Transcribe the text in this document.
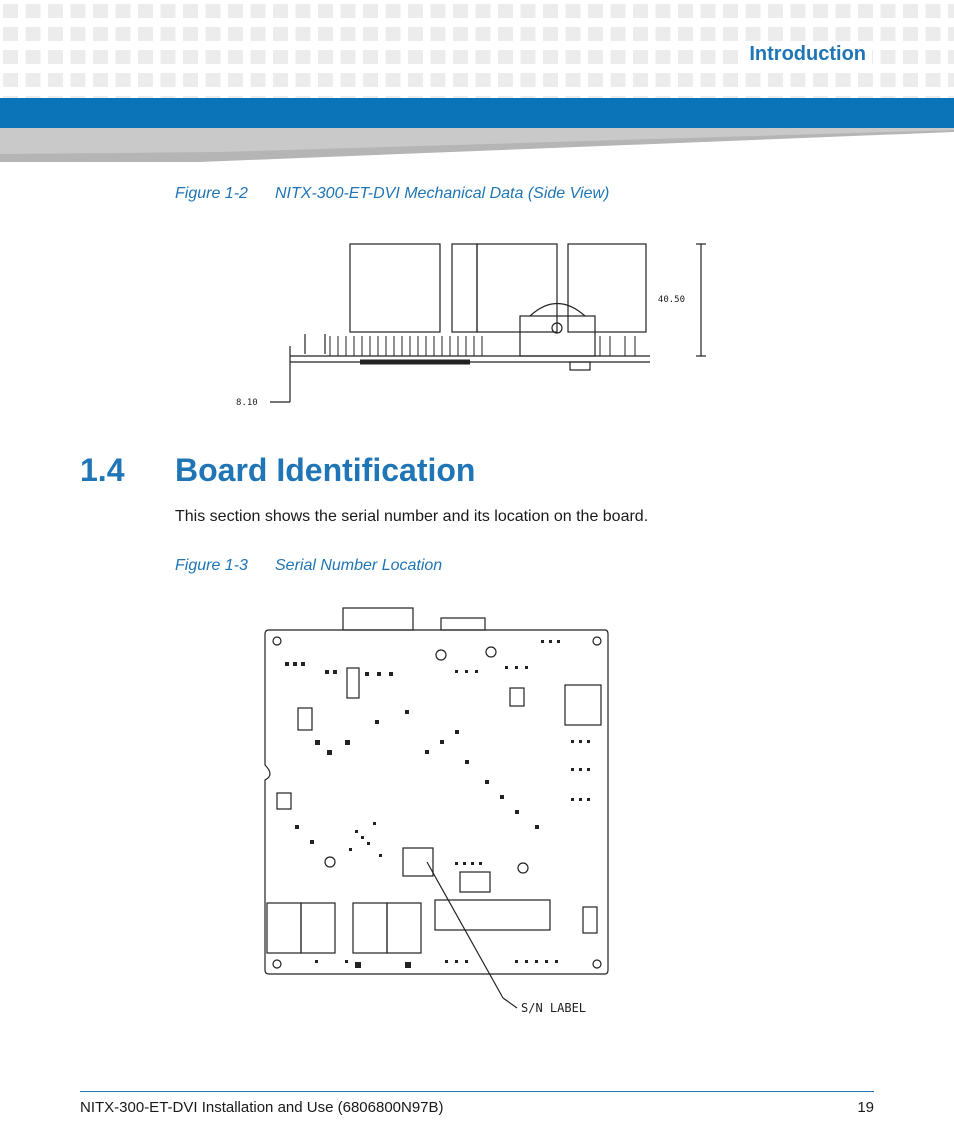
Introduction
Figure 1-2 NITX-300-ET-DVI Mechanical Data (Side View)
40.50
8.10
1.4 Board Identification
This section shows the serial number and its location on the board.
Figure 1-3 Serial Number Location
S/N LABEL
NITX-300-ET-DVI Installation and Use (6806800N97B)	19
